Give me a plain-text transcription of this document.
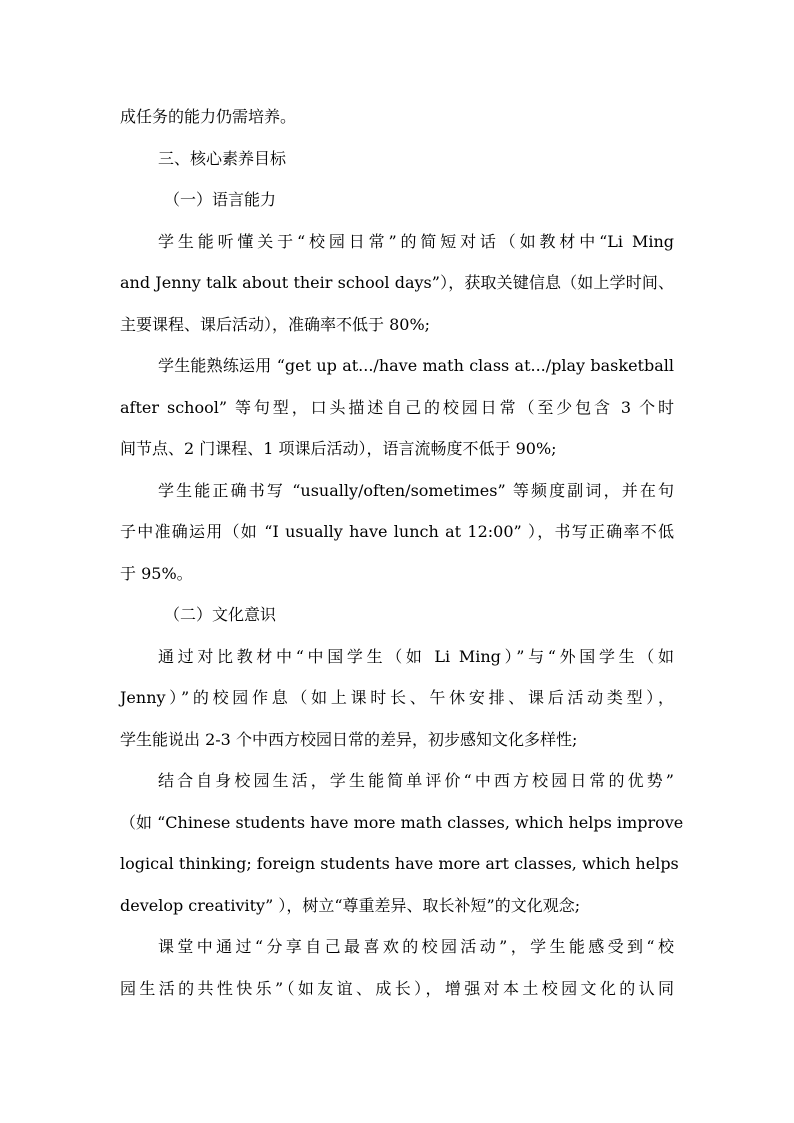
成任务的能力仍需培养。
三、核心素养目标
（一）语言能力
学生能听懂关于“校园日常”的简短对话（如教材中“Li Ming
and Jenny talk about their school days”），获取关键信息（如上学时间、
主要课程、课后活动），准确率不低于 80%;
学生能熟练运用 “get up at.../have math class at.../play basketball
after school” 等句型，口头描述自己的校园日常（至少包含 3 个时
间节点、2 门课程、1 项课后活动），语言流畅度不低于 90%;
学生能正确书写 “usually/often/sometimes” 等频度副词，并在句
子中准确运用（如 “I usually have lunch at 12:00” ），书写正确率不低
于 95%。
（二）文化意识
通过对比教材中“中国学生（如 Li Ming）”与“外国学生（如
Jenny）”的校园作息（如上课时长、午休安排、课后活动类型），
学生能说出 2-3 个中西方校园日常的差异，初步感知文化多样性;
结合自身校园生活，学生能简单评价“中西方校园日常的优势”
（如 “Chinese students have more math classes, which helps improve
logical thinking; foreign students have more art classes, which helps
develop creativity” ），树立“尊重差异、取长补短”的文化观念;
课堂中通过“分享自己最喜欢的校园活动”，学生能感受到“校
园生活的共性快乐”（如友谊、成长），增强对本土校园文化的认同
